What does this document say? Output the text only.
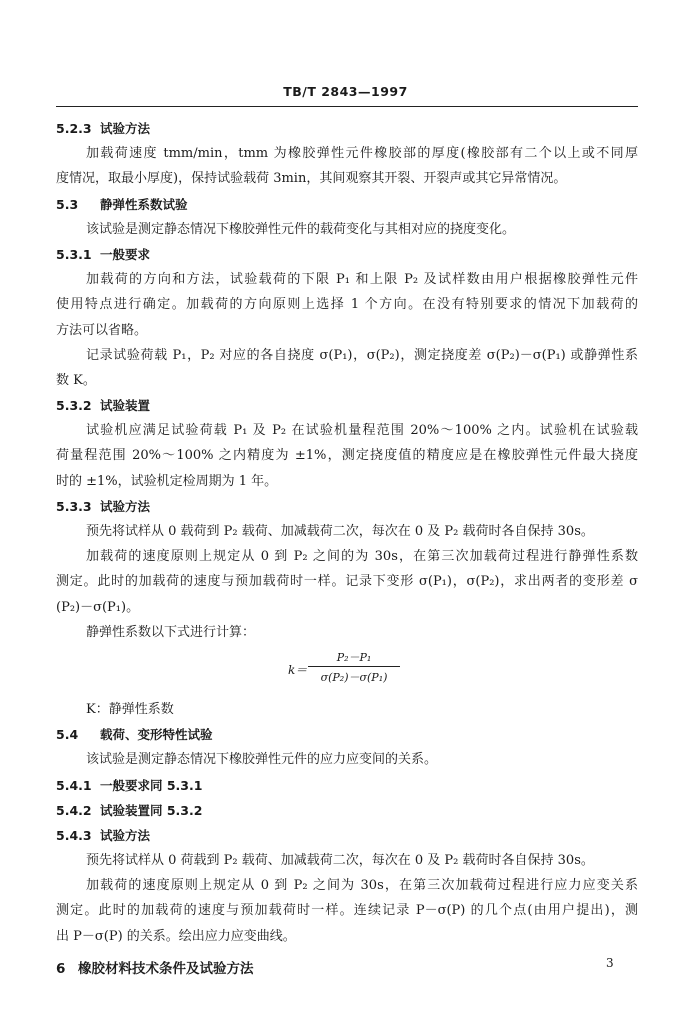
TB/T 2843—1997
5.2.3 试验方法
加载荷速度 tmm/min，tmm 为橡胶弹性元件橡胶部的厚度(橡胶部有二个以上或不同厚
度情况，取最小厚度)，保持试验载荷 3min，其间观察其开裂、开裂声或其它异常情况。
5.3 静弹性系数试验
该试验是测定静态情况下橡胶弹性元件的载荷变化与其相对应的挠度变化。
5.3.1 一般要求
加载荷的方向和方法，试验载荷的下限 P₁ 和上限 P₂ 及试样数由用户根据橡胶弹性元件
使用特点进行确定。加载荷的方向原则上选择 1 个方向。在没有特别要求的情况下加载荷的
方法可以省略。
记录试验荷载 P₁，P₂ 对应的各自挠度 σ(P₁)，σ(P₂)，测定挠度差 σ(P₂)－σ(P₁) 或静弹性系
数 K。
5.3.2 试验装置
试验机应满足试验荷载 P₁ 及 P₂ 在试验机量程范围 20%～100% 之内。试验机在试验载
荷量程范围 20%～100% 之内精度为 ±1%，测定挠度值的精度应是在橡胶弹性元件最大挠度
时的 ±1%，试验机定检周期为 1 年。
5.3.3 试验方法
预先将试样从 0 载荷到 P₂ 载荷、加减载荷二次，每次在 0 及 P₂ 载荷时各自保持 30s。
加载荷的速度原则上规定从 0 到 P₂ 之间的为 30s，在第三次加载荷过程进行静弹性系数
测定。此时的加载荷的速度与预加载荷时一样。记录下变形 σ(P₁)，σ(P₂)，求出两者的变形差 σ
(P₂)－σ(P₁)。
静弹性系数以下式进行计算：
$k= \frac{\text{P₂－P₁}}{\text{σ(P₂)－σ(P₁)}}$
K：静弹性系数
5.4 载荷、变形特性试验
该试验是测定静态情况下橡胶弹性元件的应力应变间的关系。
5.4.1 一般要求同 5.3.1
5.4.2 试验装置同 5.3.2
5.4.3 试验方法
预先将试样从 0 荷载到 P₂ 载荷、加减载荷二次，每次在 0 及 P₂ 载荷时各自保持 30s。
加载荷的速度原则上规定从 0 到 P₂ 之间为 30s，在第三次加载荷过程进行应力应变关系
测定。此时的加载荷的速度与预加载荷时一样。连续记录 P－σ(P) 的几个点(由用户提出)，测
出 P－σ(P) 的关系。绘出应力应变曲线。
6 橡胶材料技术条件及试验方法	3
